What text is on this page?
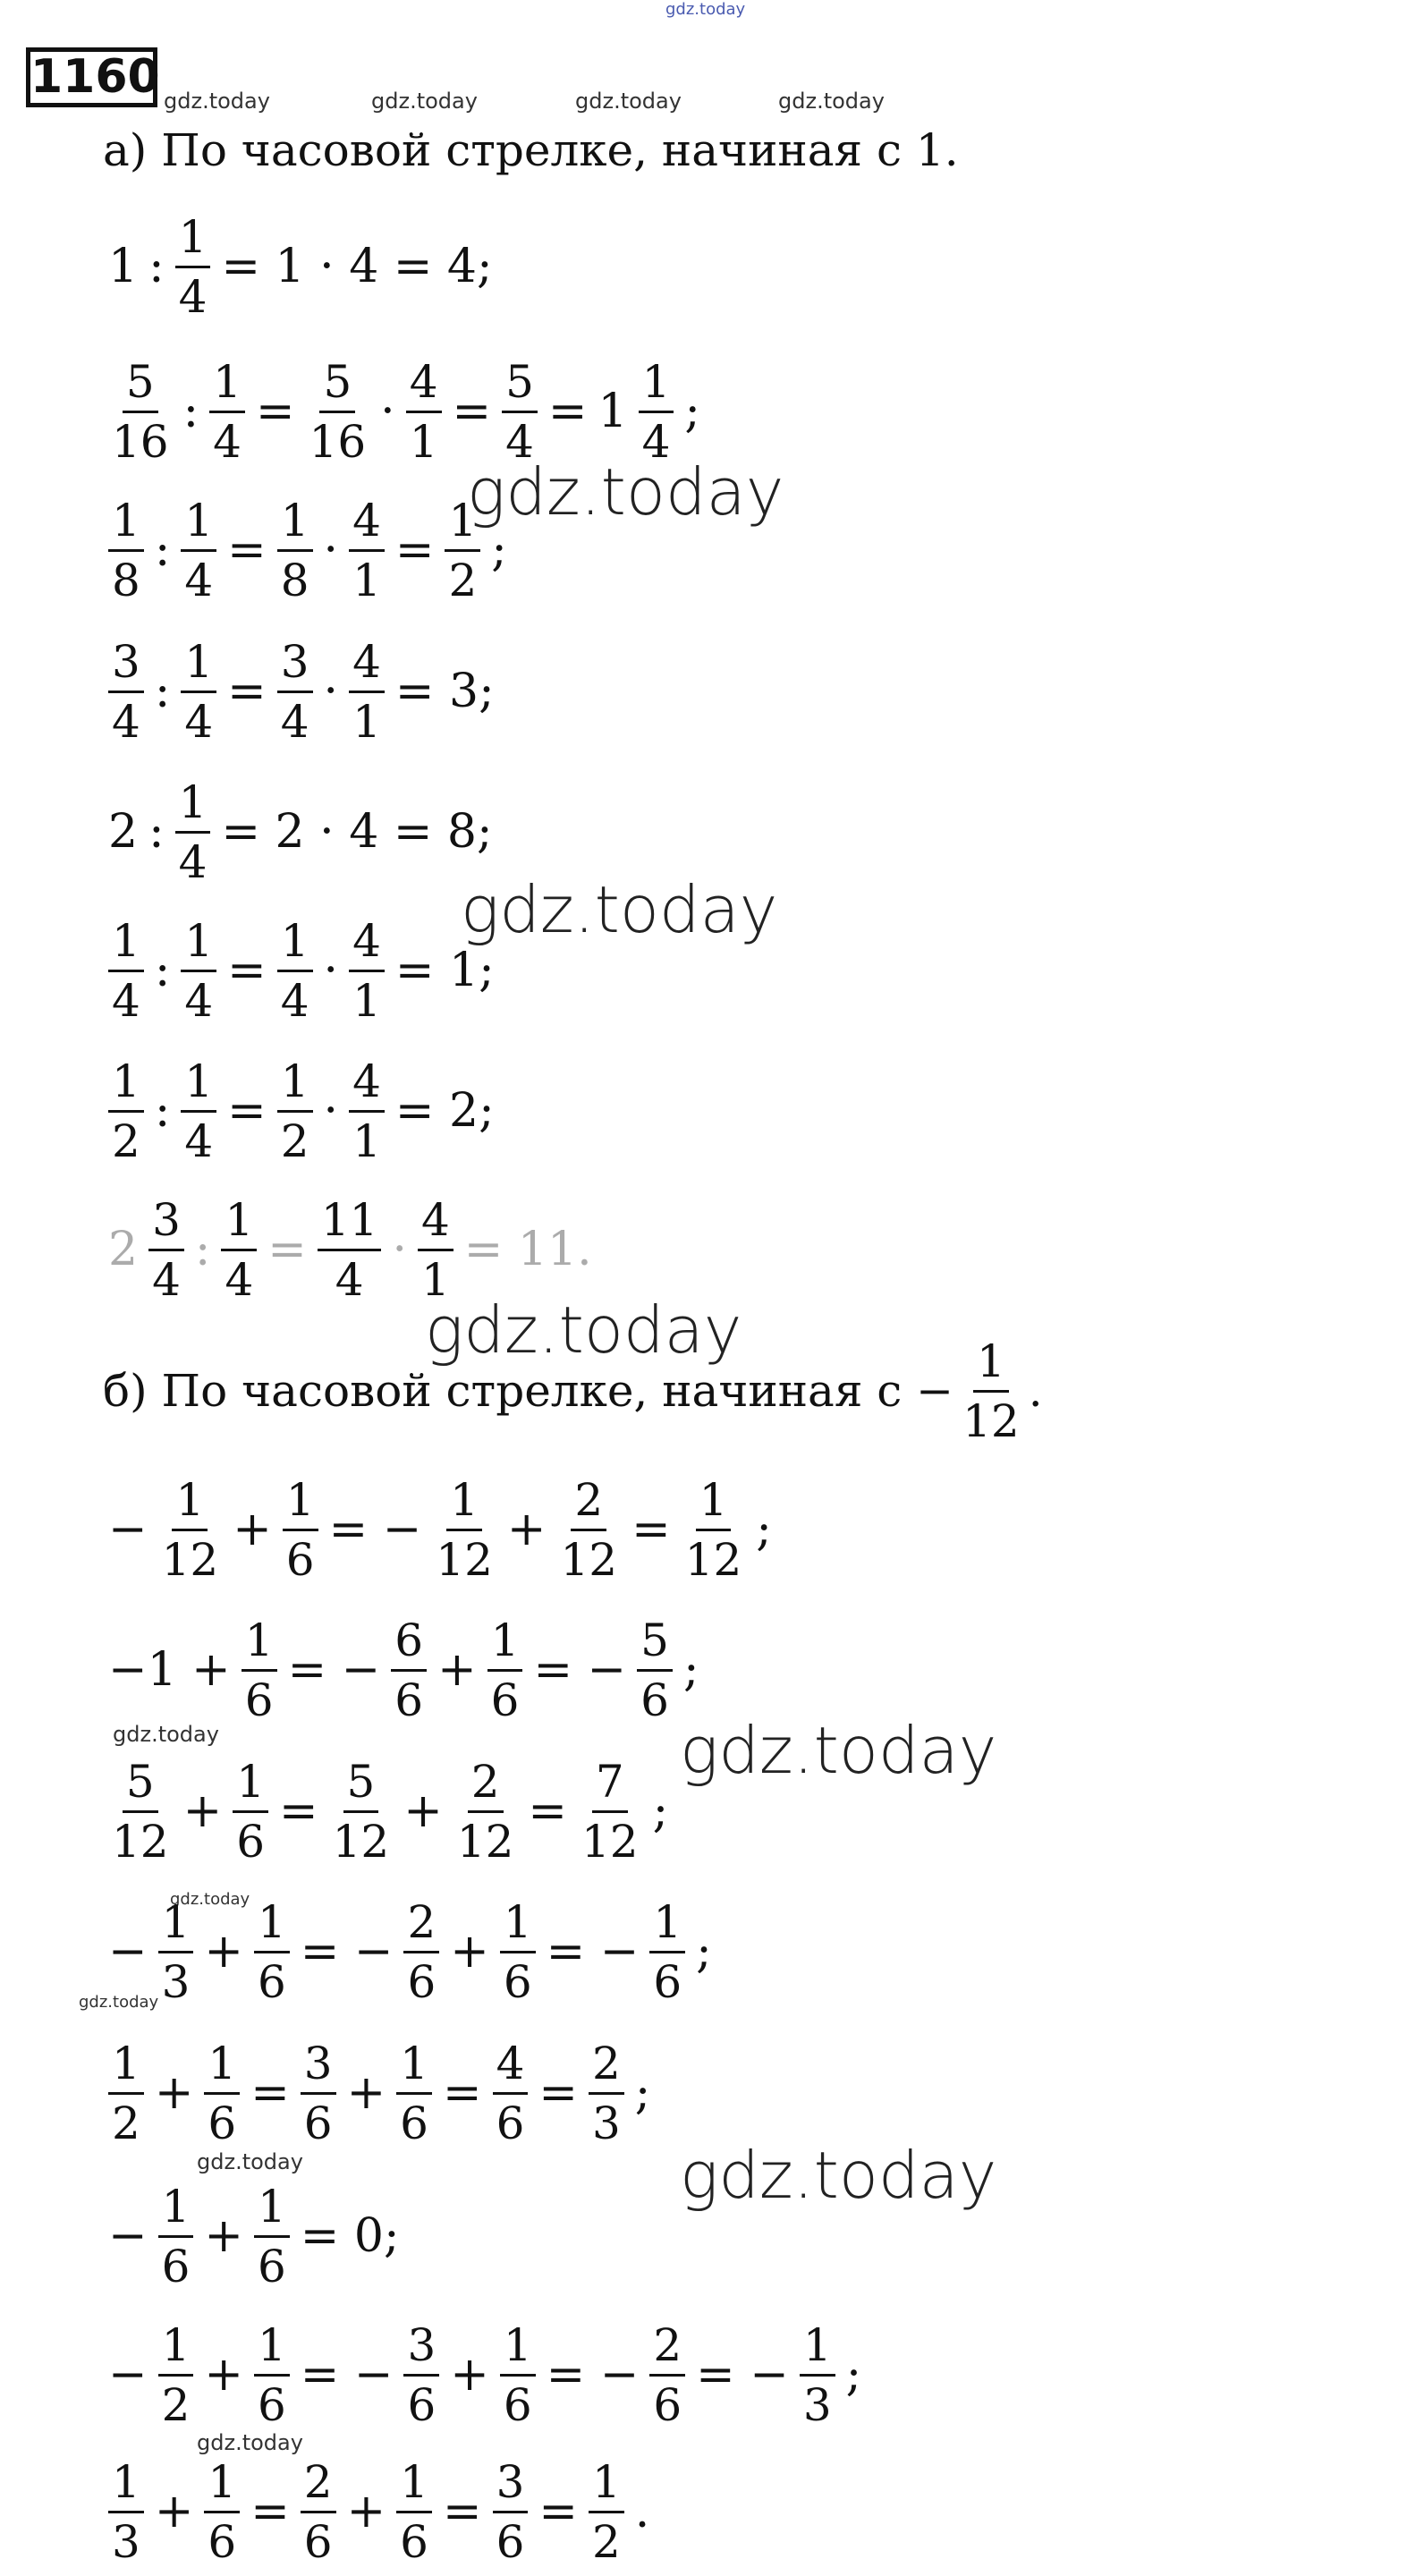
gdz.today
1160 gdz.today	gdz.today	gdz.today	gdz.today
а) По часовой стрелке, начиная с 1.
1 : $\frac{1}{4} = 1 \cdot 4 = 4$;
$\frac{5}{16}$ : $\frac{1}{4} = \frac{5}{16} \cdot \frac{4}{1} = \frac{5}{4} = 1 \frac{1}{4}$ ;
$\frac{1}{8}$ : $\frac{1}{4} = \frac{1}{8} \cdot \frac{4}{1} = \frac{1}{2}$ ;
gdz.today
$\frac{3}{4}$ : $\frac{1}{4} = \frac{3}{4} \cdot \frac{4}{1} = 3$;
2 : $\frac{1}{4} = 2 \cdot 4 = 8$;
$\frac{1}{4}$ : $\frac{1}{4} = \frac{1}{4} \cdot \frac{4}{1} = 1$;
gdz.today
$\frac{1}{2}$ : $\frac{1}{4} = \frac{1}{2} \cdot \frac{4}{1} = 2$;
$2 \frac{3}{4}$ : $\frac{1}{4} = \frac{11}{4} \cdot \frac{4}{1} = 11$.
gdz.today
б) По часовой стрелке, начиная $с - \frac{1}{12}$ .
− $\frac{1}{12} + \frac{1}{6}$ = − $\frac{1}{12} + \frac{2}{12} = \frac{1}{12}$ ;
$-1 + \frac{1}{6}$ = − $\frac{6}{6} + \frac{1}{6}$ = − $\frac{5}{6}$ ;
gdz.today	gdz.today
$\frac{5}{12} + \frac{1}{6} = \frac{5}{12} + \frac{2}{12} = \frac{7}{12}$ ;
gdz.today
gdz.today
− $\frac{1}{3} + \frac{1}{6}$ = − $\frac{2}{6} + \frac{1}{6}$ = − $\frac{1}{6}$ ;
$\frac{1}{2} + \frac{1}{6} = \frac{3}{6} + \frac{1}{6} = \frac{4}{6} = \frac{2}{3}$ ;
gdz.today	gdz.today
− $\frac{1}{6} + \frac{1}{6} = 0$;
− $\frac{1}{2} + \frac{1}{6}$ = − $\frac{3}{6} + \frac{1}{6}$ = − $\frac{2}{6}$ = − $\frac{1}{3}$ ;
gdz.today
$\frac{1}{3} + \frac{1}{6} = \frac{2}{6} + \frac{1}{6} = \frac{3}{6} = \frac{1}{2}$ .
